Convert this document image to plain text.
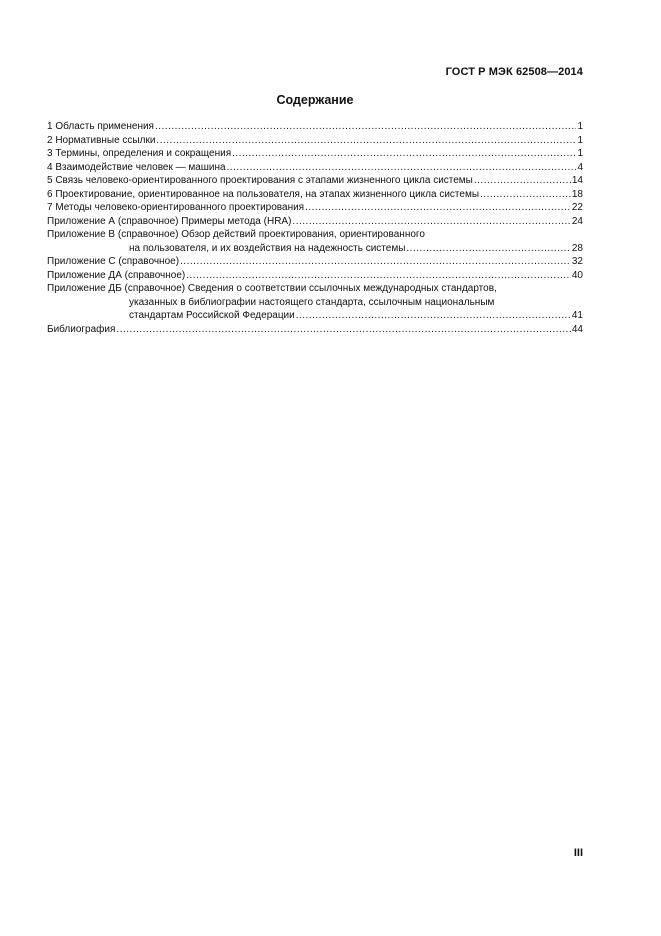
ГОСТ Р МЭК 62508—2014
Содержание
1 Область применения .....	1
2 Нормативные ссылки .....	1
3 Термины, определения и сокращения .....	1
4 Взаимодействие человек — машина .....	4
5 Связь человеко-ориентированного проектирования с этапами жизненного цикла системы .....	14
6 Проектирование, ориентированное на пользователя, на этапах жизненного цикла системы .....	18
7 Методы человеко-ориентированного проектирования .....	22
Приложение А (справочное) Примеры метода (HRA) .....	24
Приложение В (справочное) Обзор действий проектирования, ориентированного
на пользователя, и их воздействия на надежность системы .....	28
Приложение С (справочное) .....	32
Приложение ДА (справочное) .....	40
Приложение ДБ (справочное) Сведения о соответствии ссылочных международных стандартов,
указанных в библиографии настоящего стандарта, ссылочным национальным
стандартам Российской Федерации .....	41
Библиография .....	44
III
